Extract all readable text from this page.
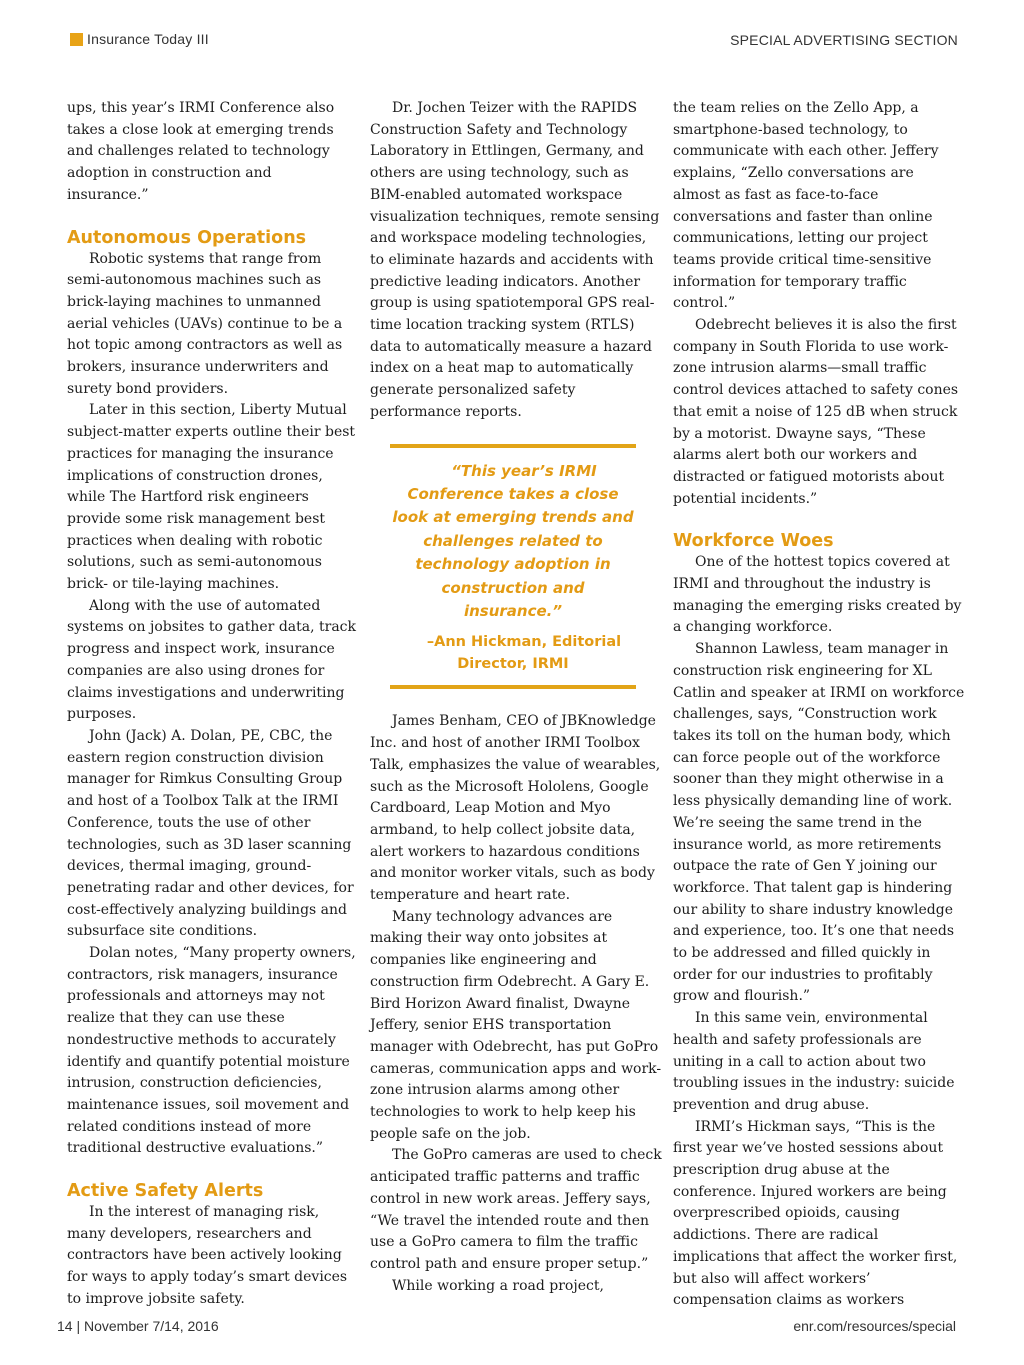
Insurance Today III	SPECIAL ADVERTISING SECTION

ups, this year’s IRMI Conference also takes a close look at emerging trends and challenges related to technology adoption in construction and insurance.”

Autonomous Operations

Robotic systems that range from semi-autonomous machines such as brick-laying machines to unmanned aerial vehicles (UAVs) continue to be a hot topic among contractors as well as brokers, insurance underwriters and surety bond providers.

Later in this section, Liberty Mutual subject-matter experts outline their best practices for managing the insurance implications of construction drones, while The Hartford risk engineers provide some risk management best practices when dealing with robotic solutions, such as semi-autonomous brick- or tile-laying machines.

Along with the use of automated systems on jobsites to gather data, track progress and inspect work, insurance companies are also using drones for claims investigations and underwriting purposes.

John (Jack) A. Dolan, PE, CBC, the eastern region construction division manager for Rimkus Consulting Group and host of a Toolbox Talk at the IRMI Conference, touts the use of other technologies, such as 3D laser scanning devices, thermal imaging, ground-penetrating radar and other devices, for cost-effectively analyzing buildings and subsurface site conditions.

Dolan notes, “Many property owners, contractors, risk managers, insurance professionals and attorneys may not realize that they can use these nondestructive methods to accurately identify and quantify potential moisture intrusion, construction deficiencies, maintenance issues, soil movement and related conditions instead of more traditional destructive evaluations.”

Active Safety Alerts

In the interest of managing risk, many developers, researchers and contractors have been actively looking for ways to apply today’s smart devices to improve jobsite safety.

Dr. Jochen Teizer with the RAPIDS Construction Safety and Technology Laboratory in Ettlingen, Germany, and others are using technology, such as BIM-enabled automated workspace visualization techniques, remote sensing and workspace modeling technologies, to eliminate hazards and accidents with predictive leading indicators. Another group is using spatiotemporal GPS real-time location tracking system (RTLS) data to automatically measure a hazard index on a heat map to automatically generate personalized safety performance reports.

“This year’s IRMI Conference takes a close look at emerging trends and challenges related to technology adoption in construction and insurance.”

–Ann Hickman, Editorial Director, IRMI

James Benham, CEO of JBKnowledge Inc. and host of another IRMI Toolbox Talk, emphasizes the value of wearables, such as the Microsoft Hololens, Google Cardboard, Leap Motion and Myo armband, to help collect jobsite data, alert workers to hazardous conditions and monitor worker vitals, such as body temperature and heart rate.

Many technology advances are making their way onto jobsites at companies like engineering and construction firm Odebrecht. A Gary E. Bird Horizon Award finalist, Dwayne Jeffery, senior EHS transportation manager with Odebrecht, has put GoPro cameras, communication apps and work-zone intrusion alarms among other technologies to work to help keep his people safe on the job.

The GoPro cameras are used to check anticipated traffic patterns and traffic control in new work areas. Jeffery says, “We travel the intended route and then use a GoPro camera to film the traffic control path and ensure proper setup.”

While working a road project,

the team relies on the Zello App, a smartphone-based technology, to communicate with each other. Jeffery explains, “Zello conversations are almost as fast as face-to-face conversations and faster than online communications, letting our project teams provide critical time-sensitive information for temporary traffic control.”

Odebrecht believes it is also the first company in South Florida to use work-zone intrusion alarms—small traffic control devices attached to safety cones that emit a noise of 125 dB when struck by a motorist. Dwayne says, “These alarms alert both our workers and distracted or fatigued motorists about potential incidents.”

Workforce Woes

One of the hottest topics covered at IRMI and throughout the industry is managing the emerging risks created by a changing workforce.

Shannon Lawless, team manager in construction risk engineering for XL Catlin and speaker at IRMI on workforce challenges, says, “Construction work takes its toll on the human body, which can force people out of the workforce sooner than they might otherwise in a less physically demanding line of work. We’re seeing the same trend in the insurance world, as more retirements outpace the rate of Gen Y joining our workforce. That talent gap is hindering our ability to share industry knowledge and experience, too. It’s one that needs to be addressed and filled quickly in order for our industries to profitably grow and flourish.”

In this same vein, environmental health and safety professionals are uniting in a call to action about two troubling issues in the industry: suicide prevention and drug abuse.

IRMI’s Hickman says, “This is the first year we’ve hosted sessions about prescription drug abuse at the conference. Injured workers are being overprescribed opioids, causing addictions. There are radical implications that affect the worker first, but also will affect workers’ compensation claims as workers

14 | November 7/14, 2016	enr.com/resources/special
